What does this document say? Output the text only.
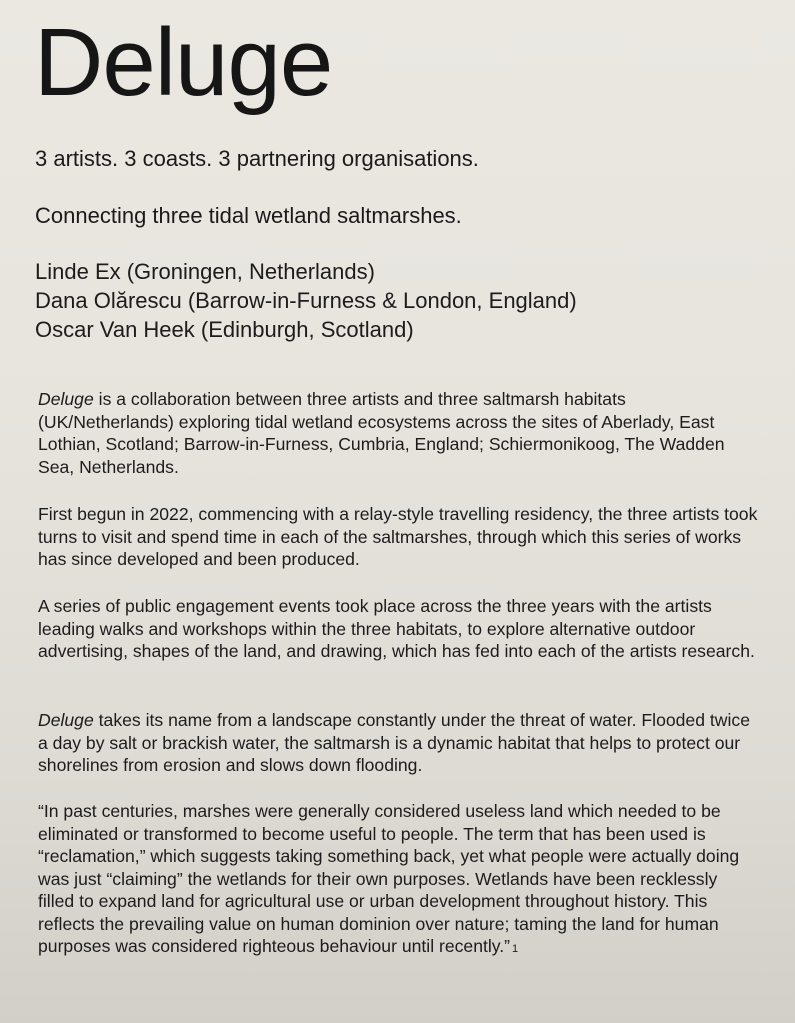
Deluge

3 artists. 3 coasts. 3 partnering organisations.

Connecting three tidal wetland saltmarshes.

Linde Ex (Groningen, Netherlands)
Dana Olărescu (Barrow-in-Furness & London, England)
Oscar Van Heek (Edinburgh, Scotland)

Deluge is a collaboration between three artists and three saltmarsh habitats (UK/Netherlands) exploring tidal wetland ecosystems across the sites of Aberlady, East Lothian, Scotland; Barrow-in-Furness, Cumbria, England; Schiermonikoog, The Wadden Sea, Netherlands.

First begun in 2022, commencing with a relay-style travelling residency, the three artists took turns to visit and spend time in each of the saltmarshes, through which this series of works has since developed and been produced.

A series of public engagement events took place across the three years with the artists leading walks and workshops within the three habitats, to explore alternative outdoor advertising, shapes of the land, and drawing, which has fed into each of the artists research.

Deluge takes its name from a landscape constantly under the threat of water. Flooded twice a day by salt or brackish water, the saltmarsh is a dynamic habitat that helps to protect our shorelines from erosion and slows down flooding.

“In past centuries, marshes were generally considered useless land which needed to be eliminated or transformed to become useful to people. The term that has been used is “reclamation,” which suggests taking something back, yet what people were actually doing was just “claiming” the wetlands for their own purposes. Wetlands have been recklessly filled to expand land for agricultural use or urban development throughout history. This reflects the prevailing value on human dominion over nature; taming the land for human purposes was considered righteous behaviour until recently.” 1
